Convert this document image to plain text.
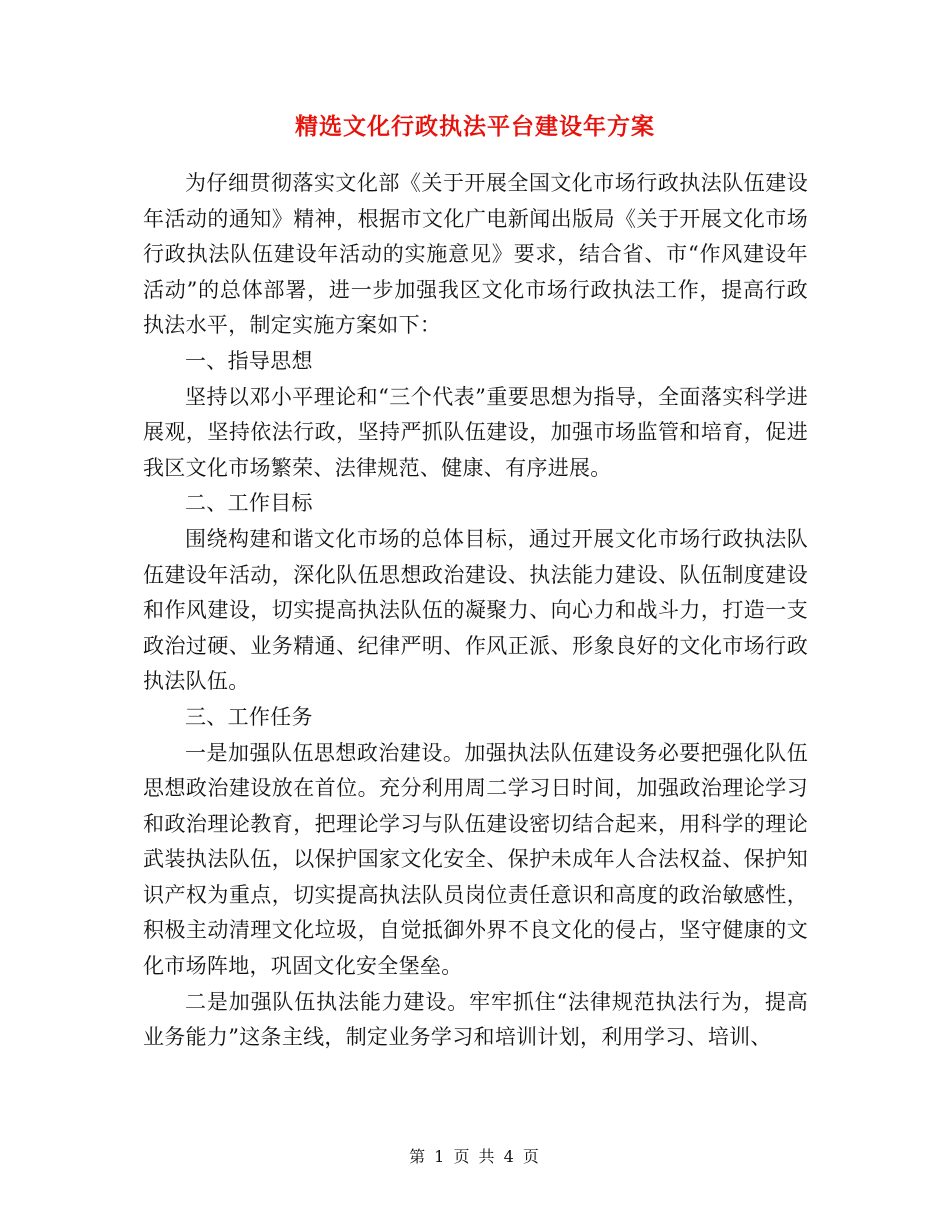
精选文化行政执法平台建设年方案

为仔细贯彻落实文化部《关于开展全国文化市场行政执法队伍建设年活动的通知》精神，根据市文化广电新闻出版局《关于开展文化市场行政执法队伍建设年活动的实施意见》要求，结合省、市“作风建设年活动”的总体部署，进一步加强我区文化市场行政执法工作，提高行政执法水平，制定实施方案如下：

一、指导思想

坚持以邓小平理论和“三个代表”重要思想为指导，全面落实科学进展观，坚持依法行政，坚持严抓队伍建设，加强市场监管和培育，促进我区文化市场繁荣、法律规范、健康、有序进展。

二、工作目标

围绕构建和谐文化市场的总体目标，通过开展文化市场行政执法队伍建设年活动，深化队伍思想政治建设、执法能力建设、队伍制度建设和作风建设，切实提高执法队伍的凝聚力、向心力和战斗力，打造一支政治过硬、业务精通、纪律严明、作风正派、形象良好的文化市场行政执法队伍。

三、工作任务

一是加强队伍思想政治建设。加强执法队伍建设务必要把强化队伍思想政治建设放在首位。充分利用周二学习日时间，加强政治理论学习和政治理论教育，把理论学习与队伍建设密切结合起来，用科学的理论武装执法队伍，以保护国家文化安全、保护未成年人合法权益、保护知识产权为重点，切实提高执法队员岗位责任意识和高度的政治敏感性，积极主动清理文化垃圾，自觉抵御外界不良文化的侵占，坚守健康的文化市场阵地，巩固文化安全堡垒。

二是加强队伍执法能力建设。牢牢抓住“法律规范执法行为，提高业务能力”这条主线，制定业务学习和培训计划，利用学习、培训、

第 1 页 共 4 页
